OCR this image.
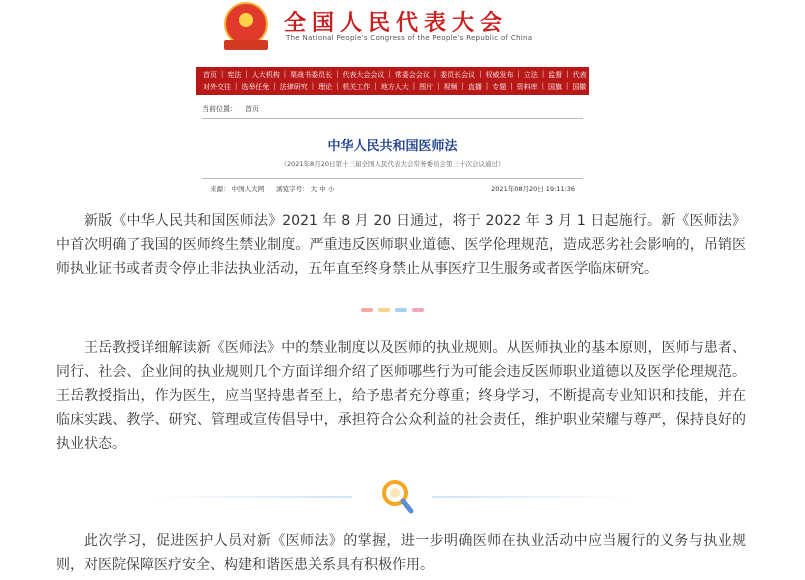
全国人民代表大会
The National People's Congress of the People's Republic of China
首页 | 宪法 | 人大机构 | 栗战书委员长 | 代表大会会议 | 常委会会议 | 委员长会议 | 权威发布 | 立法 | 监督 | 代表
对外交往 | 选举任免 | 法律研究 | 理论 | 机关工作 | 地方人大 | 图片 | 视频 | 直播 | 专题 | 资料库 | 国旗 | 国徽
当前位置： 首页
中华人民共和国医师法
（2021年8月20日第十三届全国人民代表大会常务委员会第三十次会议通过）
来源： 中国人大网 浏览字号： 大 中 小	2021年08月20日 19:11:36

新版《中华人民共和国医师法》2021 年 8 月 20 日通过，将于 2022 年 3 月 1 日起施行。新《医师法》中首次明确了我国的医师终生禁业制度。严重违反医师职业道德、医学伦理规范，造成恶劣社会影响的，吊销医师执业证书或者责令停止非法执业活动，五年直至终身禁止从事医疗卫生服务或者医学临床研究。

王岳教授详细解读新《医师法》中的禁业制度以及医师的执业规则。从医师执业的基本原则，医师与患者、同行、社会、企业间的执业规则几个方面详细介绍了医师哪些行为可能会违反医师职业道德以及医学伦理规范。王岳教授指出，作为医生，应当坚持患者至上，给予患者充分尊重；终身学习，不断提高专业知识和技能，并在临床实践、教学、研究、管理或宣传倡导中，承担符合公众利益的社会责任，维护职业荣耀与尊严，保持良好的执业状态。

此次学习，促进医护人员对新《医师法》的掌握，进一步明确医师在执业活动中应当履行的义务与执业规则，对医院保障医疗安全、构建和谐医患关系具有积极作用。
